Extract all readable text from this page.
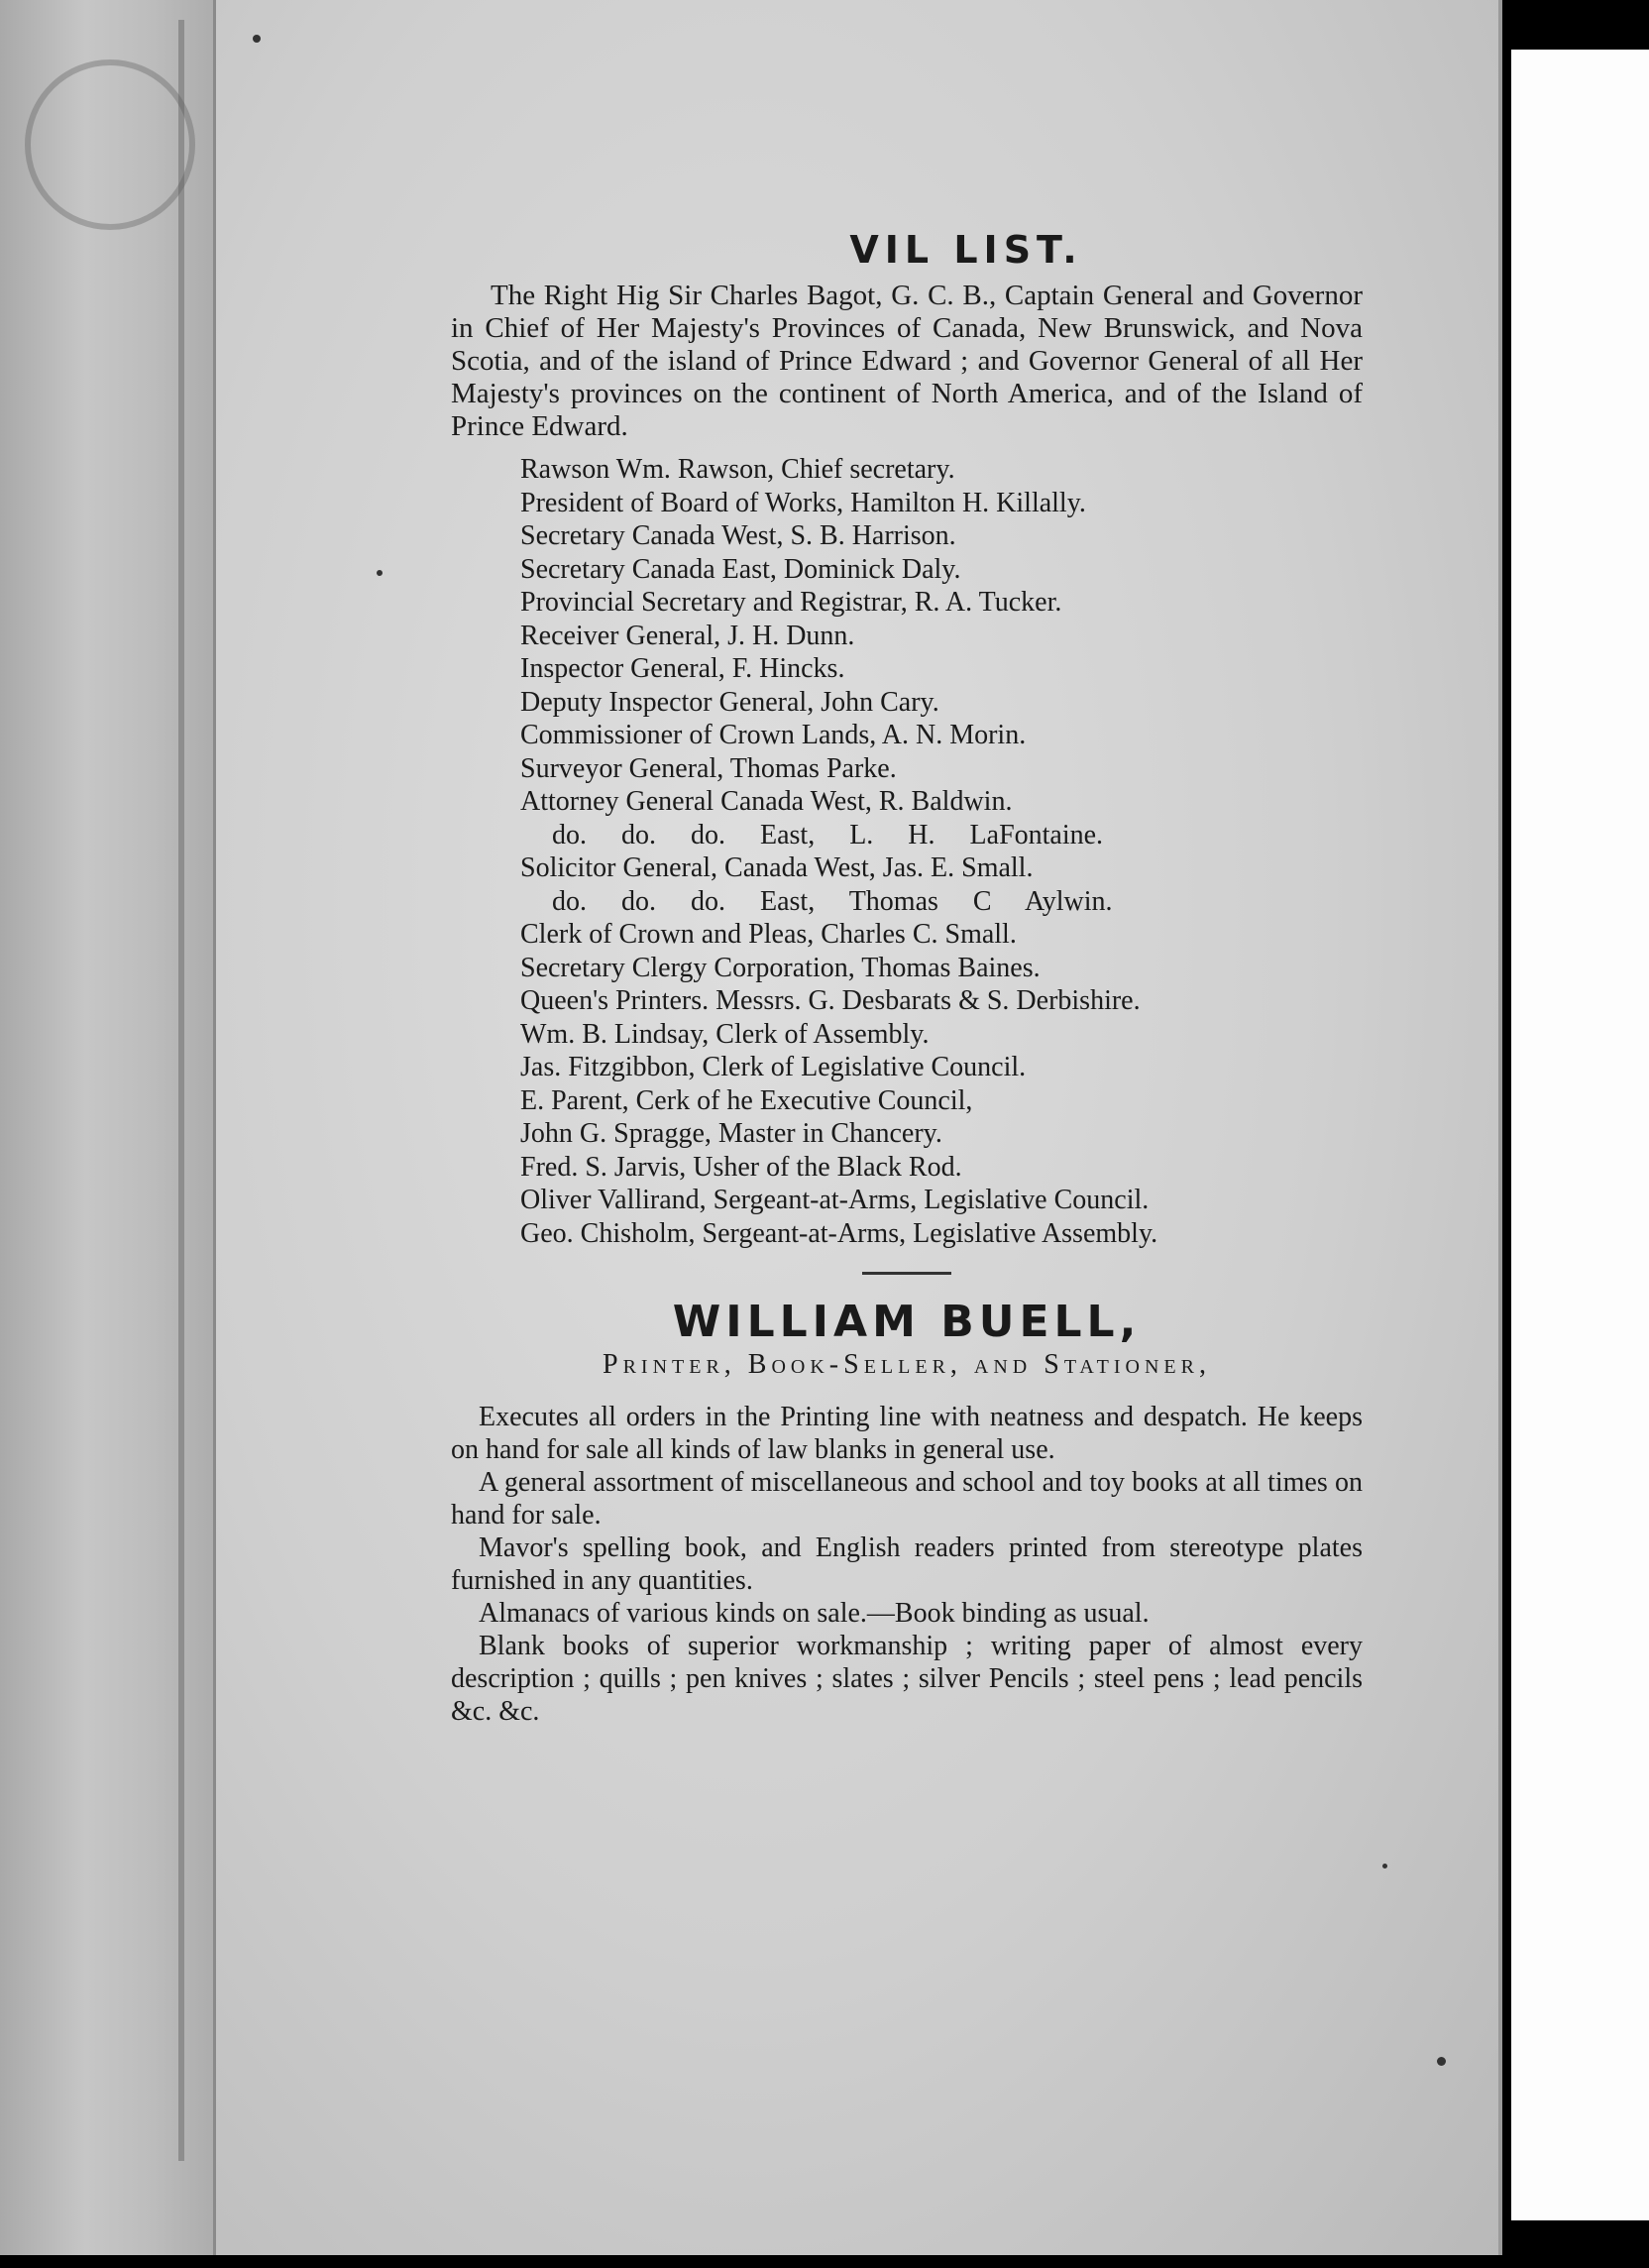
VIL LIST.

The Right Hig Sir Charles Bagot, G. C. B., Captain General and Governor in Chief of Her Majesty's Provinces of Canada, New Brunswick, and Nova Scotia, and of the island of Prince Edward ; and Governor General of all Her Majesty's provinces on the continent of North America, and of the Island of Prince Edward.

Rawson Wm. Rawson, Chief secretary.
President of Board of Works, Hamilton H. Killally.
Secretary Canada West, S. B. Harrison.
Secretary Canada East, Dominick Daly.
Provincial Secretary and Registrar, R. A. Tucker.
Receiver General, J. H. Dunn.
Inspector General, F. Hincks.
Deputy Inspector General, John Cary.
Commissioner of Crown Lands, A. N. Morin.
Surveyor General, Thomas Parke.
Attorney General Canada West, R. Baldwin.
do. do. do. East, L. H. LaFontaine.
Solicitor General, Canada West, Jas. E. Small.
do. do. do. East, Thomas C Aylwin.
Clerk of Crown and Pleas, Charles C. Small.
Secretary Clergy Corporation, Thomas Baines.
Queen's Printers. Messrs. G. Desbarats & S. Derbishire.
Wm. B. Lindsay, Clerk of Assembly.
Jas. Fitzgibbon, Clerk of Legislative Council.
E. Parent, Cerk of he Executive Council,
John G. Spragge, Master in Chancery.
Fred. S. Jarvis, Usher of the Black Rod.
Oliver Vallirand, Sergeant-at-Arms, Legislative Council.
Geo. Chisholm, Sergeant-at-Arms, Legislative Assembly.
WILLIAM BUELL,
Printer, Book-Seller, and Stationer,

Executes all orders in the Printing line with neatness and despatch. He keeps on hand for sale all kinds of law blanks in general use.

A general assortment of miscellaneous and school and toy books at all times on hand for sale.

Mavor's spelling book, and English readers printed from stereotype plates furnished in any quantities.

Almanacs of various kinds on sale.—Book binding as usual.

Blank books of superior workmanship ; writing paper of almost every description ; quills ; pen knives ; slates ; silver Pencils ; steel pens ; lead pencils &c. &c.
